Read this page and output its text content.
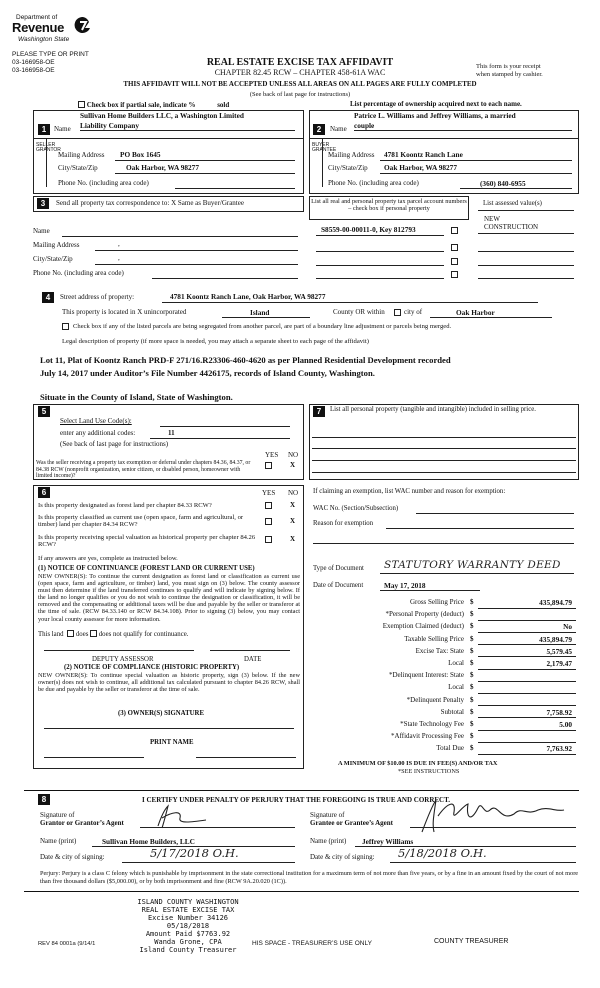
Department of
Revenue
Washington State
PLEASE TYPE OR PRINT
03-166958-OE
03-166958-OE
REAL ESTATE EXCISE TAX AFFIDAVIT
CHAPTER 82.45 RCW – CHAPTER 458-61A WAC
This form is your receipt
when stamped by cashier.
THIS AFFIDAVIT WILL NOT BE ACCEPTED UNLESS ALL AREAS ON ALL PAGES ARE FULLY COMPLETED
(See back of last page for instructions)
Check box if partial sale, indicate %	sold	List percentage of ownership acquired next to each name.
1	Name
Sullivan Home Builders LLC, a Washington Limited
Liability Company
SELLER GRANTOR
Mailing Address PO Box 1645
City/State/Zip	Oak Harbor, WA 98277
Phone No. (including area code)
2	Name
Patrice L. Williams and Jeffrey Williams, a married
couple
BUYER GRANTEE
Mailing Address 4781 Koontz Ranch Lane
City/State/Zip Oak Harbor, WA 98277
Phone No. (including area code)	(360) 840-6955
3	Send all property tax correspondence to: X Same as Buyer/Grantee
Name
Mailing Address	,
City/State/Zip	,
Phone No. (including area code)
List all real and personal property tax parcel account numbers – check box if personal property
List assessed value(s)
NEW
CONSTRUCTION
S8559-00-00011-0, Key 812793
4	Street address of property:	4781 Koontz Ranch Lane, Oak Harbor, WA 98277
This property is located in X unincorporated	Island	County OR within	city of	Oak Harbor
Check box if any of the listed parcels are being segregated from another parcel, are part of a boundary line adjustment or parcels being merged.
Legal description of property (if more space is needed, you may attach a separate sheet to each page of the affidavit)
Lot 11, Plat of Koontz Ranch PRD-F 271/16.R23306-460-4620 as per Planned Residential Development recorded
July 14, 2017 under Auditor’s File Number 4426175, records of Island County, Washington.
Situate in the County of Island, State of Washington.
5
Select Land Use Code(s):
enter any additional codes:	11
(See back of last page for instructions)
YES NO
Was the seller receiving a property tax exemption or deferral under chapters 84.36, 84.37, or 84.38 RCW (nonprofit organization, senior citizen, or disabled person, homeowner with limited income)?
X
6	YES NO
Is this property designated as forest land per chapter 84.33 RCW?	X
Is this property classified as current use (open space, farm and agricultural, or timber) land per chapter 84.34 RCW?	X
Is this property receiving special valuation as historical property per chapter 84.26 RCW?
X
If any answers are yes, complete as instructed below.
(1) NOTICE OF CONTINUANCE (FOREST LAND OR CURRENT USE)
NEW OWNER(S): To continue the current designation as forest land or classification as current use (open space, farm and agriculture, or timber) land, you must sign on (3) below. The county assessor must then determine if the land transferred continues to qualify and will indicate by signing below. If the land no longer qualifies or you do not wish to continue the designation or classification, it will be removed and the compensating or additional taxes will be due and payable by the seller or transferor at the time of sale. (RCW 84.33.140 or RCW 84.34.108). Prior to signing (3) below, you may contact your local county assessor for more information.
This land does does not qualify for continuance.
DEPUTY ASSESSOR	DATE
(2) NOTICE OF COMPLIANCE (HISTORIC PROPERTY)
NEW OWNER(S): To continue special valuation as historic property, sign (3) below. If the new owner(s) does not wish to continue, all additional tax calculated pursuant to chapter 84.26 RCW, shall be due and payable by the seller or transferor at the time of sale.
(3) OWNER(S) SIGNATURE
PRINT NAME
7	List all personal property (tangible and intangible) included in selling price.
If claiming an exemption, list WAC number and reason for exemption:
WAC No. (Section/Subsection)
Reason for exemption
Type of Document STATUTORY WARRANTY DEED
Date of Document	May 17, 2018
Gross Selling Price $	435,894.79
*Personal Property (deduct) $
Exemption Claimed (deduct) $	No
Taxable Selling Price $	435,894.79
Excise Tax: State $	5,579.45
Local $	2,179.47
*Delinquent Interest: State $
Local $
*Delinquent Penalty $
Subtotal $	7,758.92
*State Technology Fee $	5.00
*Affidavit Processing Fee $
Total Due $	7,763.92
A MINIMUM OF $10.00 IS DUE IN FEE(S) AND/OR TAX
*SEE INSTRUCTIONS
8	I CERTIFY UNDER PENALTY OF PERJURY THAT THE FOREGOING IS TRUE AND CORRECT.
Signature of
Grantor or Grantor’s Agent
Signature of
Grantee or Grantee’s Agent
Name (print)	Sullivan Home Builders, LLC	Name (print) Jeffrey Williams
Date & city of signing:	5/17/2018 O.H.	Date & city of signing: 5/18/2018 O.H.
Perjury: Perjury is a class C felony which is punishable by imprisonment in the state correctional institution for a maximum term of not more than five years, or by a fine in an amount fixed by the court of not more than five thousand dollars ($5,000.00), or by both imprisonment and fine (RCW 9A.20.020 (1C)).
ISLAND COUNTY WASHINGTON
REAL ESTATE EXCISE TAX
Excise Number 34126
05/18/2018
Amount Paid $7763.92
Wanda Grone, CPA
Island County Treasurer
REV 84 0001a (9/14/1	HIS SPACE - TREASURER’S USE ONLY	COUNTY TREASURER
